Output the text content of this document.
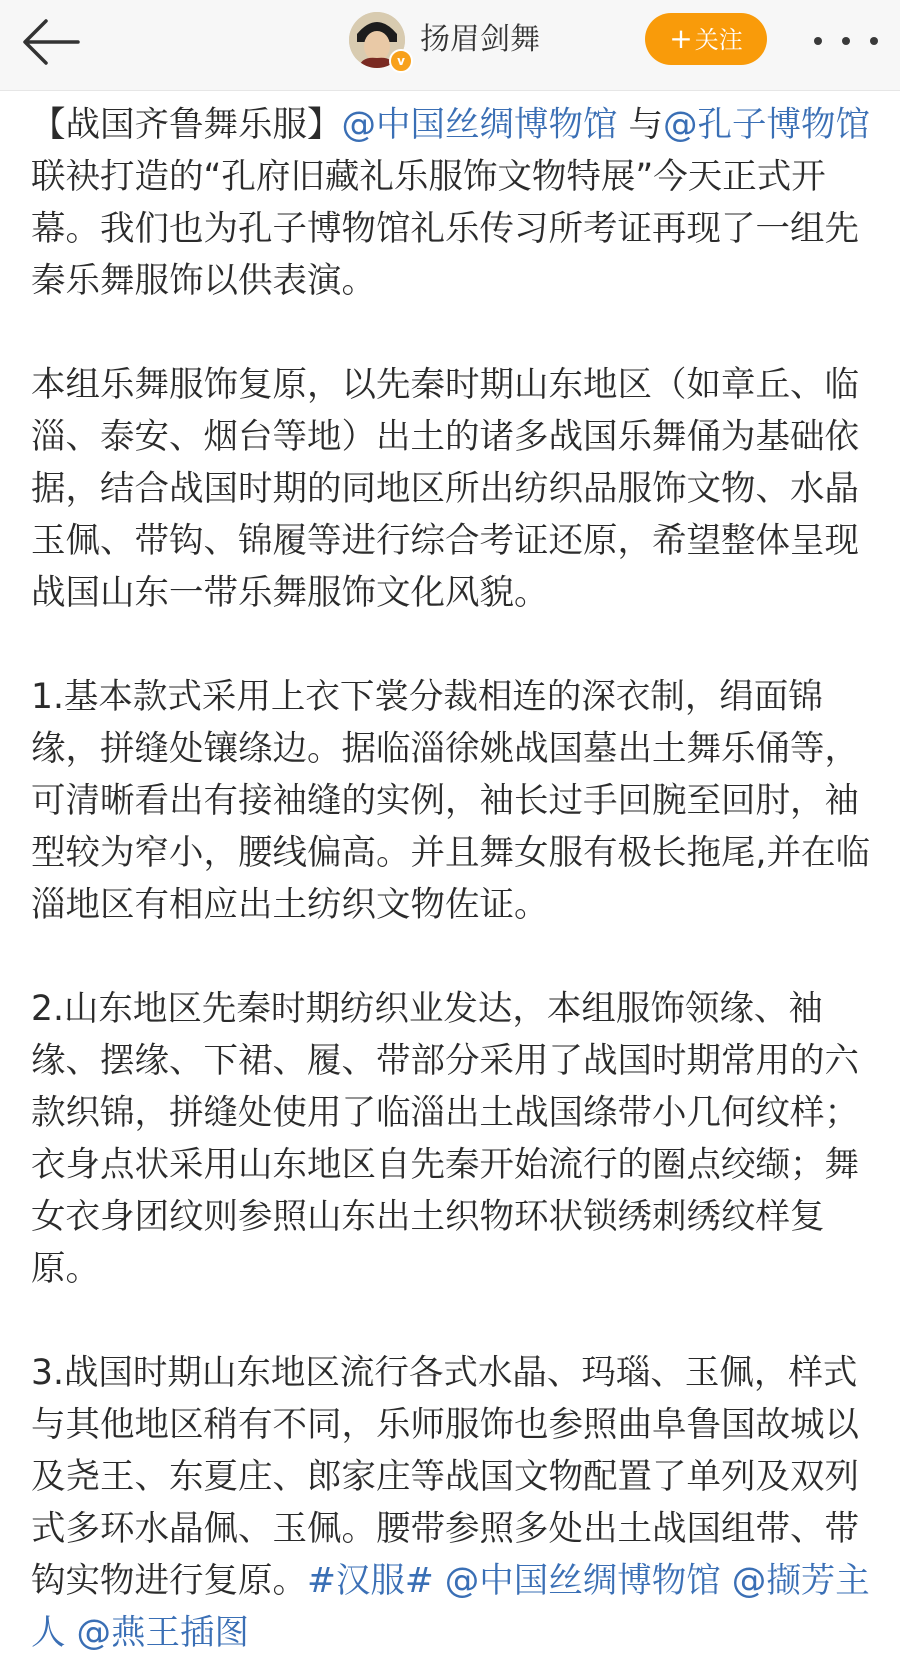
v
扬眉剑舞	+关注

【战国齐鲁舞乐服】@中国丝绸博物馆 与@孔子博物馆 联袂打造的“孔府旧藏礼乐服饰文物特展”今天正式开幕。我们也为孔子博物馆礼乐传习所考证再现了一组先秦乐舞服饰以供表演。

本组乐舞服饰复原，以先秦时期山东地区（如章丘、临淄、泰安、烟台等地）出土的诸多战国乐舞俑为基础依据，结合战国时期的同地区所出纺织品服饰文物、水晶玉佩、带钩、锦履等进行综合考证还原，希望整体呈现战国山东一带乐舞服饰文化风貌。

1.基本款式采用上衣下裳分裁相连的深衣制，绢面锦缘，拼缝处镶绦边。据临淄徐姚战国墓出土舞乐俑等，可清晰看出有接袖缝的实例，袖长过手回腕至回肘，袖型较为窄小，腰线偏高。并且舞女服有极长拖尾,并在临淄地区有相应出土纺织文物佐证。

2.山东地区先秦时期纺织业发达，本组服饰领缘、袖缘、摆缘、下裙、履、带部分采用了战国时期常用的六款织锦，拼缝处使用了临淄出土战国绦带小几何纹样；衣身点状采用山东地区自先秦开始流行的圈点绞缬；舞女衣身团纹则参照山东出土织物环状锁绣刺绣纹样复原。

3.战国时期山东地区流行各式水晶、玛瑙、玉佩，样式与其他地区稍有不同，乐师服饰也参照曲阜鲁国故城以及尧王、东夏庄、郎家庄等战国文物配置了单列及双列式多环水晶佩、玉佩。腰带参照多处出土战国组带、带钩实物进行复原。#汉服# @中国丝绸博物馆 @撷芳主人 @燕王插图
